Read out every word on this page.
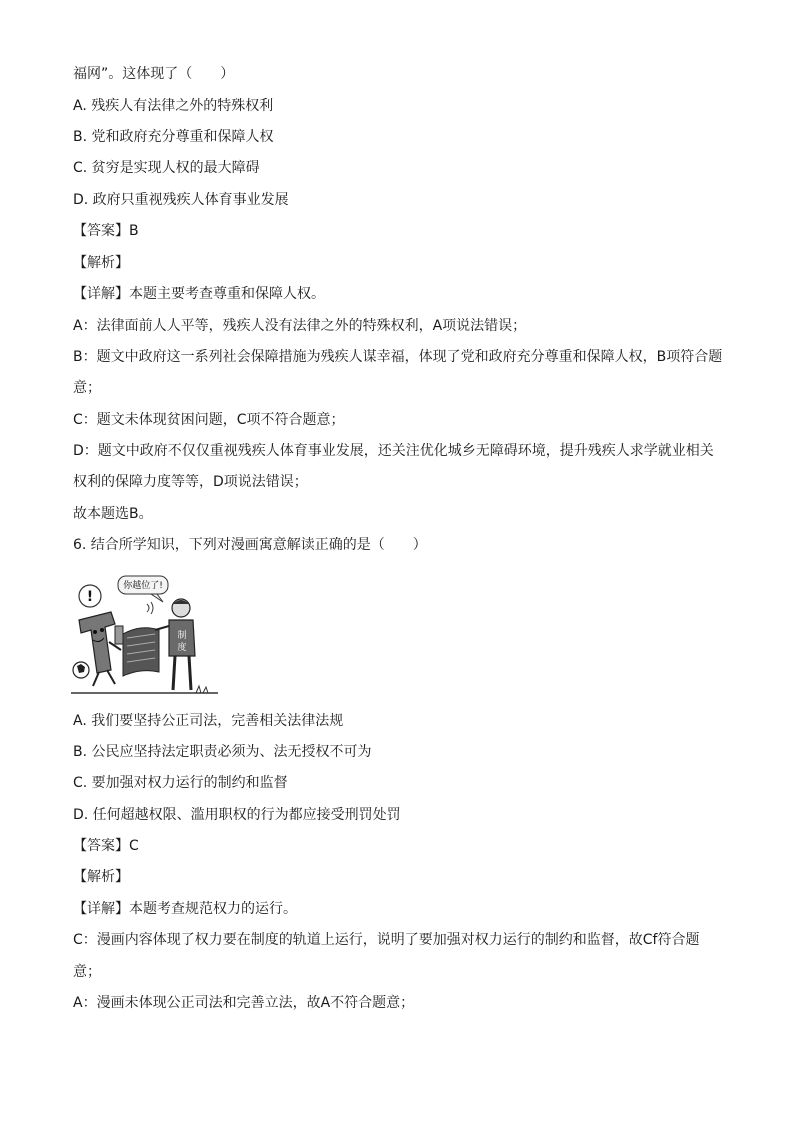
福网”。这体现了（　　）
A. 残疾人有法律之外的特殊权利
B. 党和政府充分尊重和保障人权
C. 贫穷是实现人权的最大障碍
D. 政府只重视残疾人体育事业发展
【答案】B
【解析】
【详解】本题主要考查尊重和保障人权。
A：法律面前人人平等，残疾人没有法律之外的特殊权利，A项说法错误；
B：题文中政府这一系列社会保障措施为残疾人谋幸福，体现了党和政府充分尊重和保障人权，B项符合题
意；
C：题文未体现贫困问题，C项不符合题意；
D：题文中政府不仅仅重视残疾人体育事业发展，还关注优化城乡无障碍环境，提升残疾人求学就业相关
权利的保障力度等等，D项说法错误；
故本题选B。
6. 结合所学知识，下列对漫画寓意解读正确的是（　　）
你越位了!
!
制
度
A. 我们要坚持公正司法，完善相关法律法规
B. 公民应坚持法定职责必须为、法无授权不可为
C. 要加强对权力运行的制约和监督
D. 任何超越权限、滥用职权的行为都应接受刑罚处罚
【答案】C
【解析】
【详解】本题考查规范权力的运行。
C：漫画内容体现了权力要在制度的轨道上运行，说明了要加强对权力运行的制约和监督，故Cf符合题
意；
A：漫画未体现公正司法和完善立法，故A不符合题意；
